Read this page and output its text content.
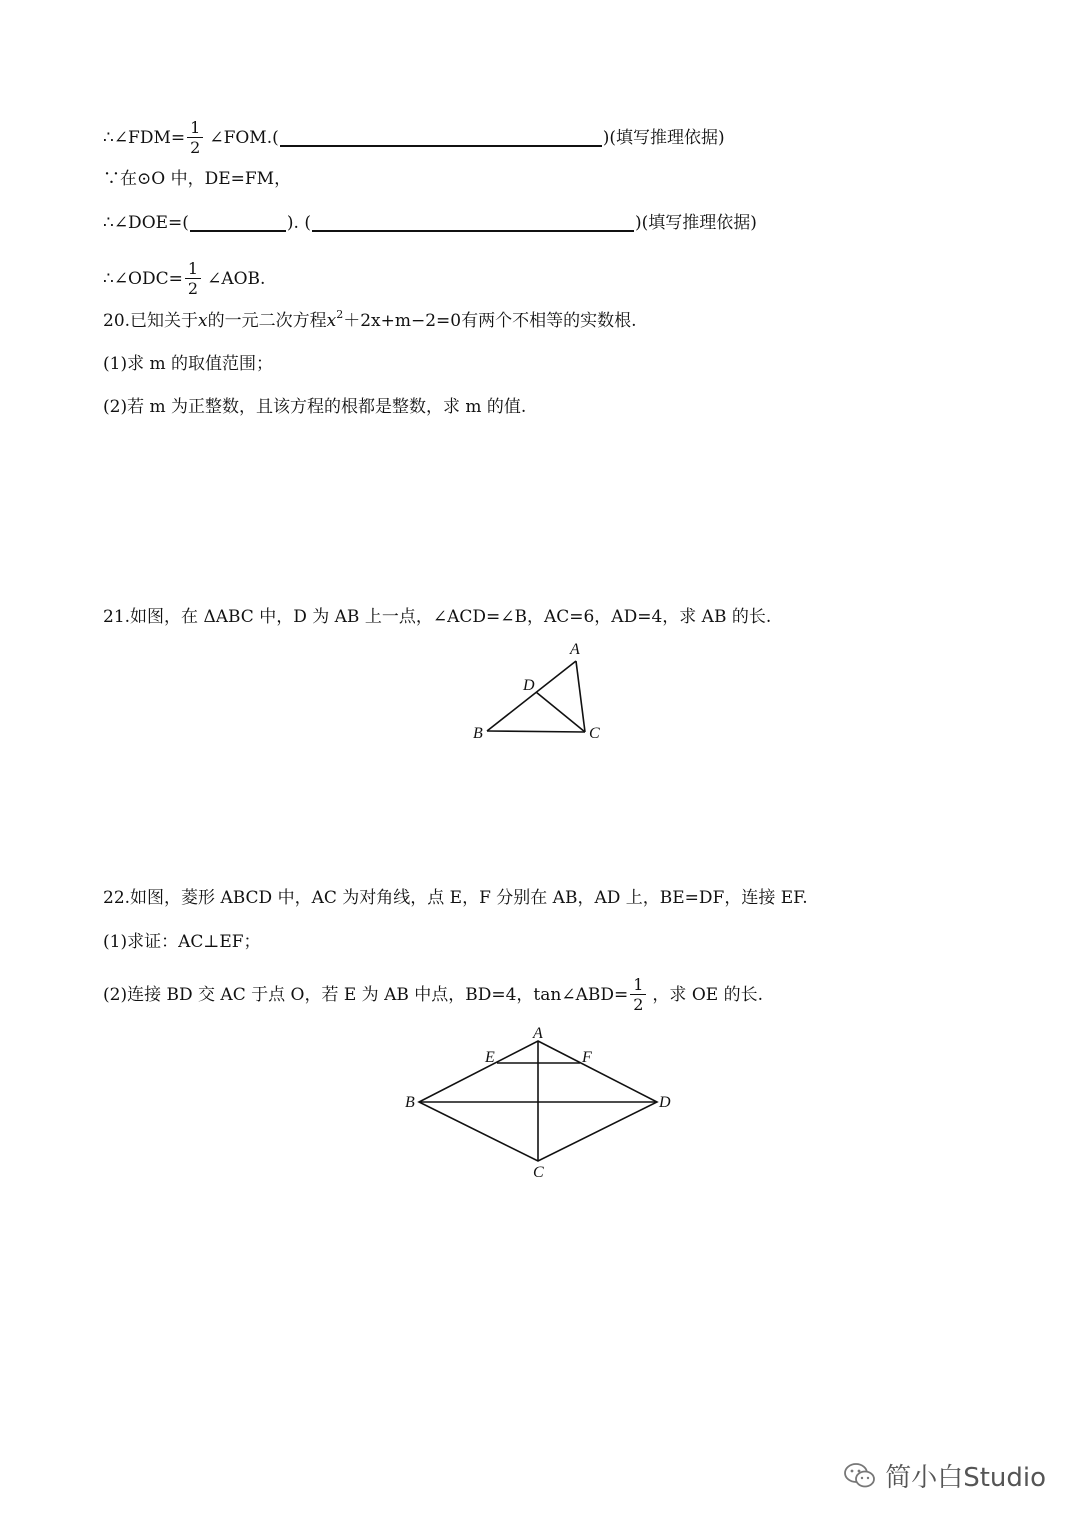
∴∠FDM= $\frac{1}{2}$ ∠FOM.(	)(填写推理依据)
∵在⊙O 中，DE=FM，
∴∠DOE=(	). (	)(填写推理依据)
∴∠ODC= $\frac{1}{2}$ ∠AOB.
20.已知关于 x 的一元二次方程 x 2 ＋2x+m−2=0 有两个不相等的实数根.
(1)求 m 的取值范围；
(2)若 m 为正整数，且该方程的根都是整数，求 m 的值.
21.如图，在 ΔABC 中，D 为 AB 上一点，∠ACD=∠B，AC=6，AD=4，求 AB 的长.
A
D
B	C
22.如图，菱形 ABCD 中，AC 为对角线，点 E，F 分别在 AB，AD 上，BE=DF，连接 EF.
(1)求证：AC⊥EF；
(2)连接 BD 交 AC 于点 O，若 E 为 AB 中点，BD=4，tan∠ABD= $\frac{1}{2}$ ，求 OE 的长.
A
E	F
B	D
C
简小白Studio
